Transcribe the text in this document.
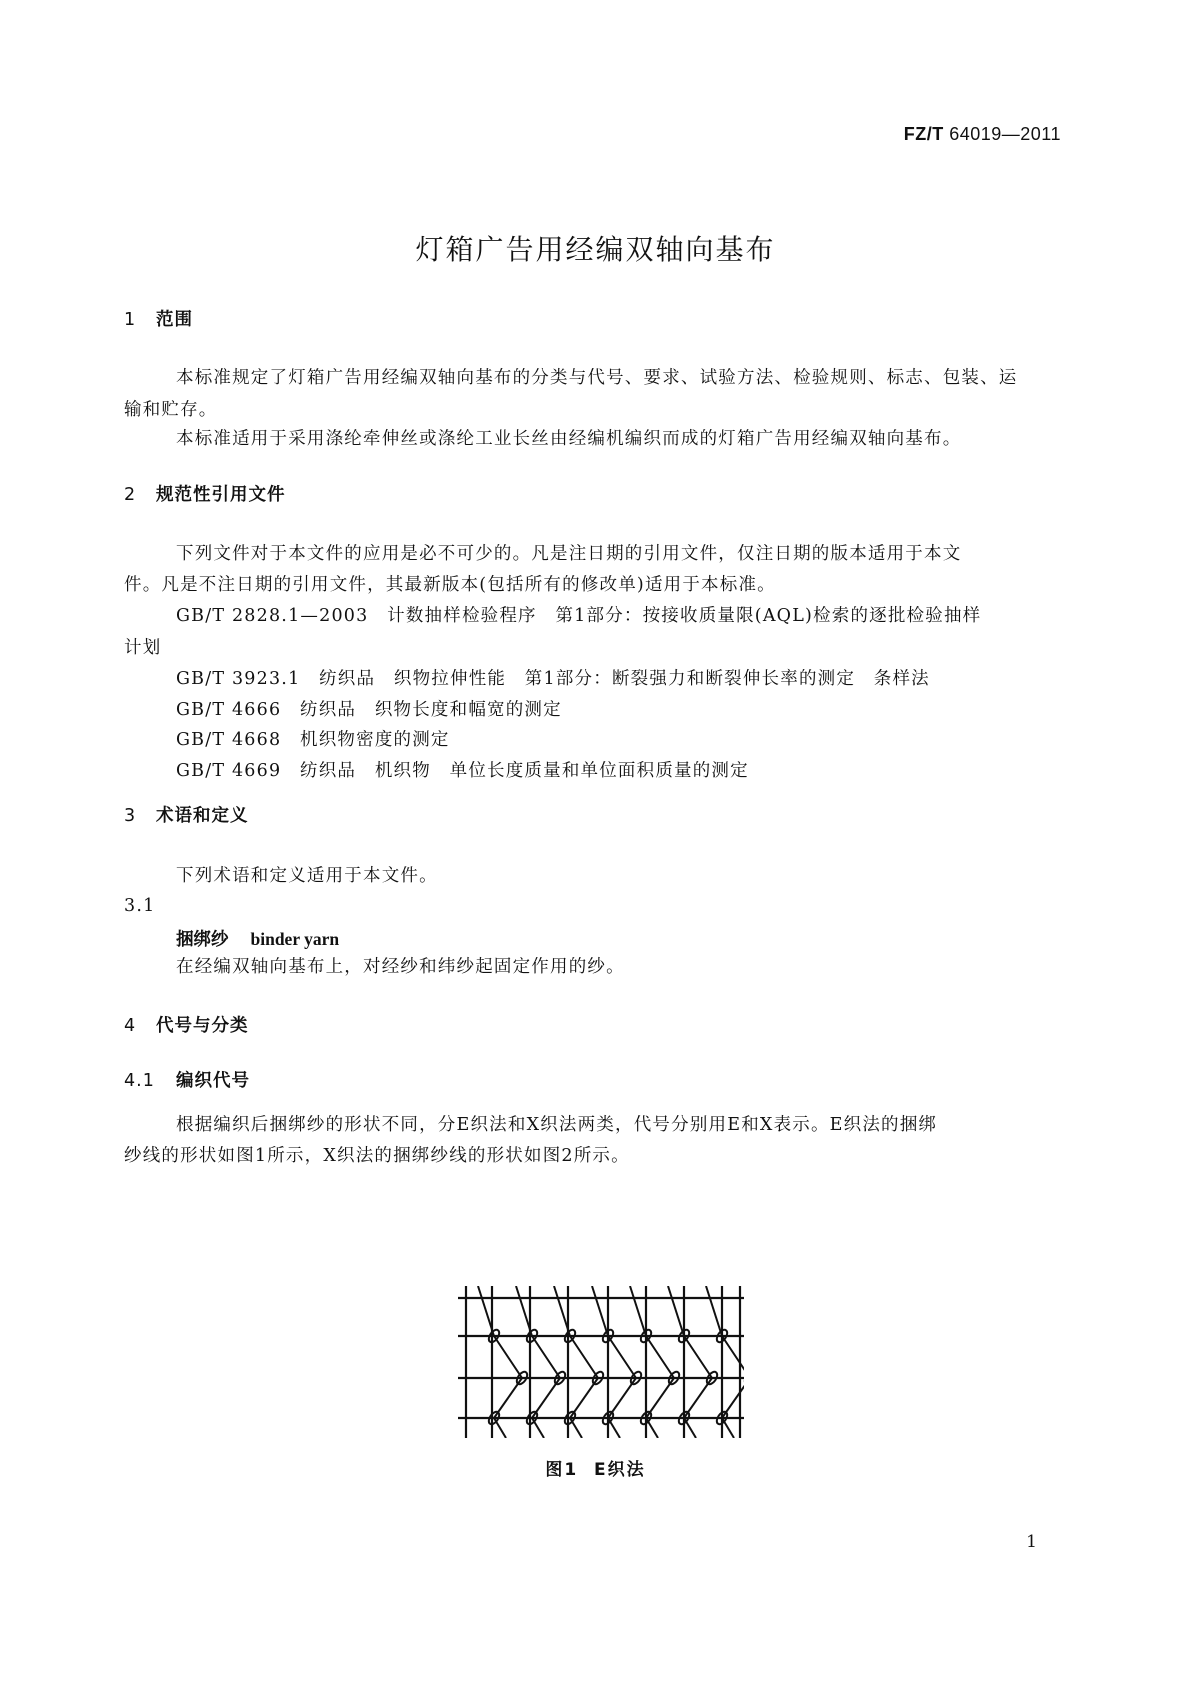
FZ/T 64019—2011
灯箱广告用经编双轴向基布
1 范围
本标准规定了灯箱广告用经编双轴向基布的分类与代号、要求、试验方法、检验规则、标志、包装、运
输和贮存。
本标准适用于采用涤纶牵伸丝或涤纶工业长丝由经编机编织而成的灯箱广告用经编双轴向基布。
2 规范性引用文件
下列文件对于本文件的应用是必不可少的。凡是注日期的引用文件，仅注日期的版本适用于本文
件。凡是不注日期的引用文件，其最新版本(包括所有的修改单)适用于本标准。
GB/T 2828.1—2003　 计数抽样检验程序　第1部分：按接收质量限(AQL)检索的逐批检验抽样
计划
GB/T 3923.1　 纺织品　织物拉伸性能　第1部分：断裂强力和断裂伸长率的测定　条样法
GB/T 4666　 纺织品　织物长度和幅宽的测定
GB/T 4668　 机织物密度的测定
GB/T 4669　 纺织品　机织物　单位长度质量和单位面积质量的测定
3 术语和定义
下列术语和定义适用于本文件。
3.1
捆绑纱 binder yarn
在经编双轴向基布上，对经纱和纬纱起固定作用的纱。
4 代号与分类
4.1 编织代号
根据编织后捆绑纱的形状不同，分E织法和X织法两类，代号分别用E和X表示。E织法的捆绑
纱线的形状如图1所示，X织法的捆绑纱线的形状如图2所示。
图1 E织法
1
